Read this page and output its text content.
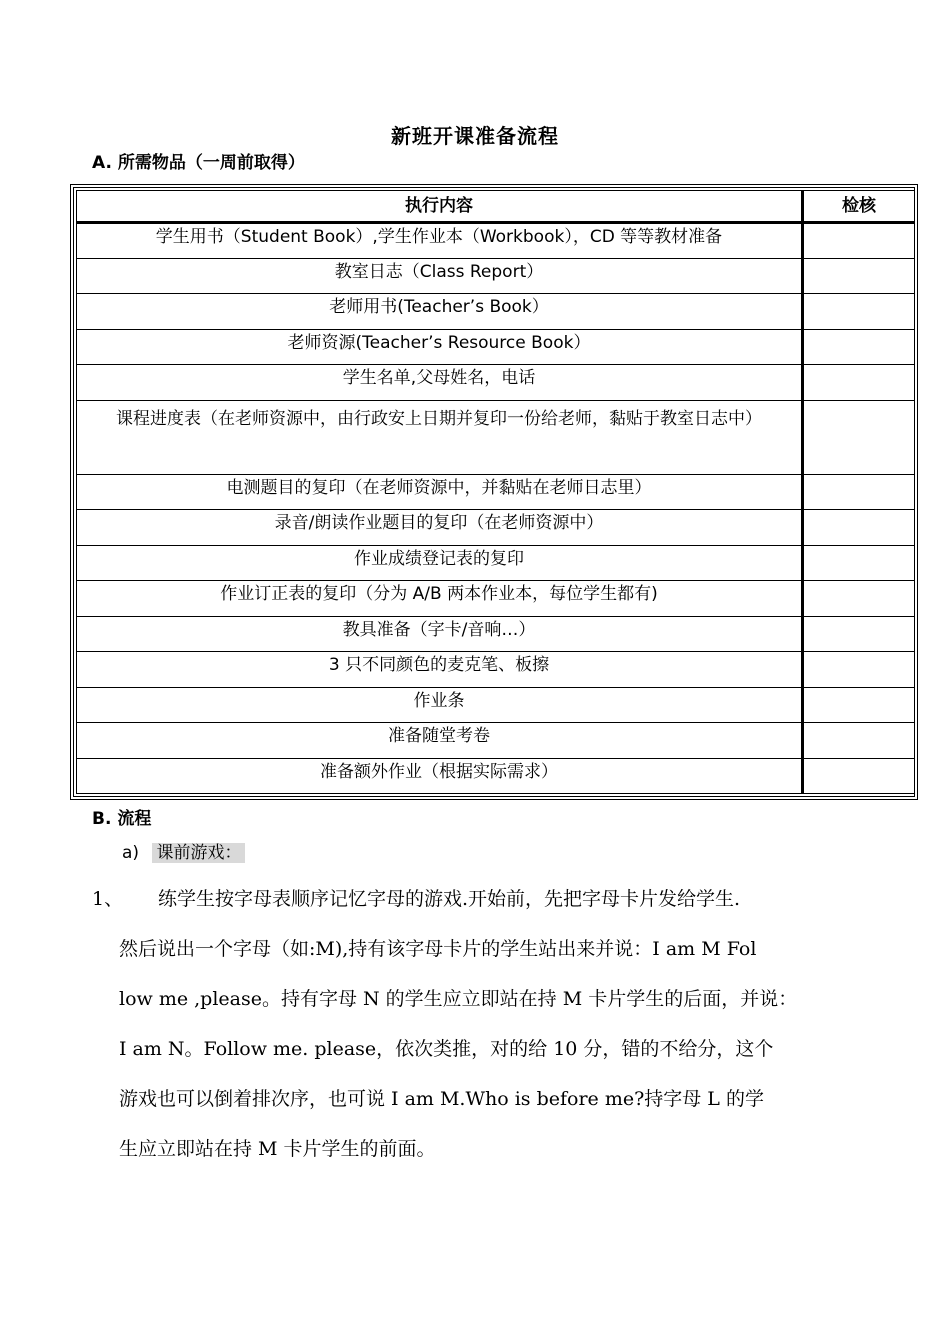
新班开课准备流程
A. 所需物品（一周前取得）
执行内容	检核
学生用书（Student Book）,学生作业本（Workbook），CD 等等教材准备	
教室日志（Class Report）	
老师用书(Teacher’s Book）	
老师资源(Teacher’s Resource Book）	
学生名单,父母姓名，电话	
课程进度表（在老师资源中，由行政安上日期并复印一份给老师，黏贴于教室日志中）	
电测题目的复印（在老师资源中，并黏贴在老师日志里）	
录音/朗读作业题目的复印（在老师资源中）	
作业成绩登记表的复印	
作业订正表的复印（分为 A/B 两本作业本，每位学生都有)	
教具准备（字卡/音响…）	
3 只不同颜色的麦克笔、板擦	
作业条	
准备随堂考卷	
准备额外作业（根据实际需求）	
B. 流程
a) 课前游戏：
1、 练学生按字母表顺序记忆字母的游戏.开始前，先把字母卡片发给学生.
然后说出一个字母（如:M),持有该字母卡片的学生站出来并说：I am M Fol
low me ,please。持有字母 N 的学生应立即站在持 M 卡片学生的后面，并说：
I am N。Follow me. please，依次类推，对的给 10 分，错的不给分，这个
游戏也可以倒着排次序，也可说 I am M.Who is before me?持字母 L 的学
生应立即站在持 M 卡片学生的前面。
